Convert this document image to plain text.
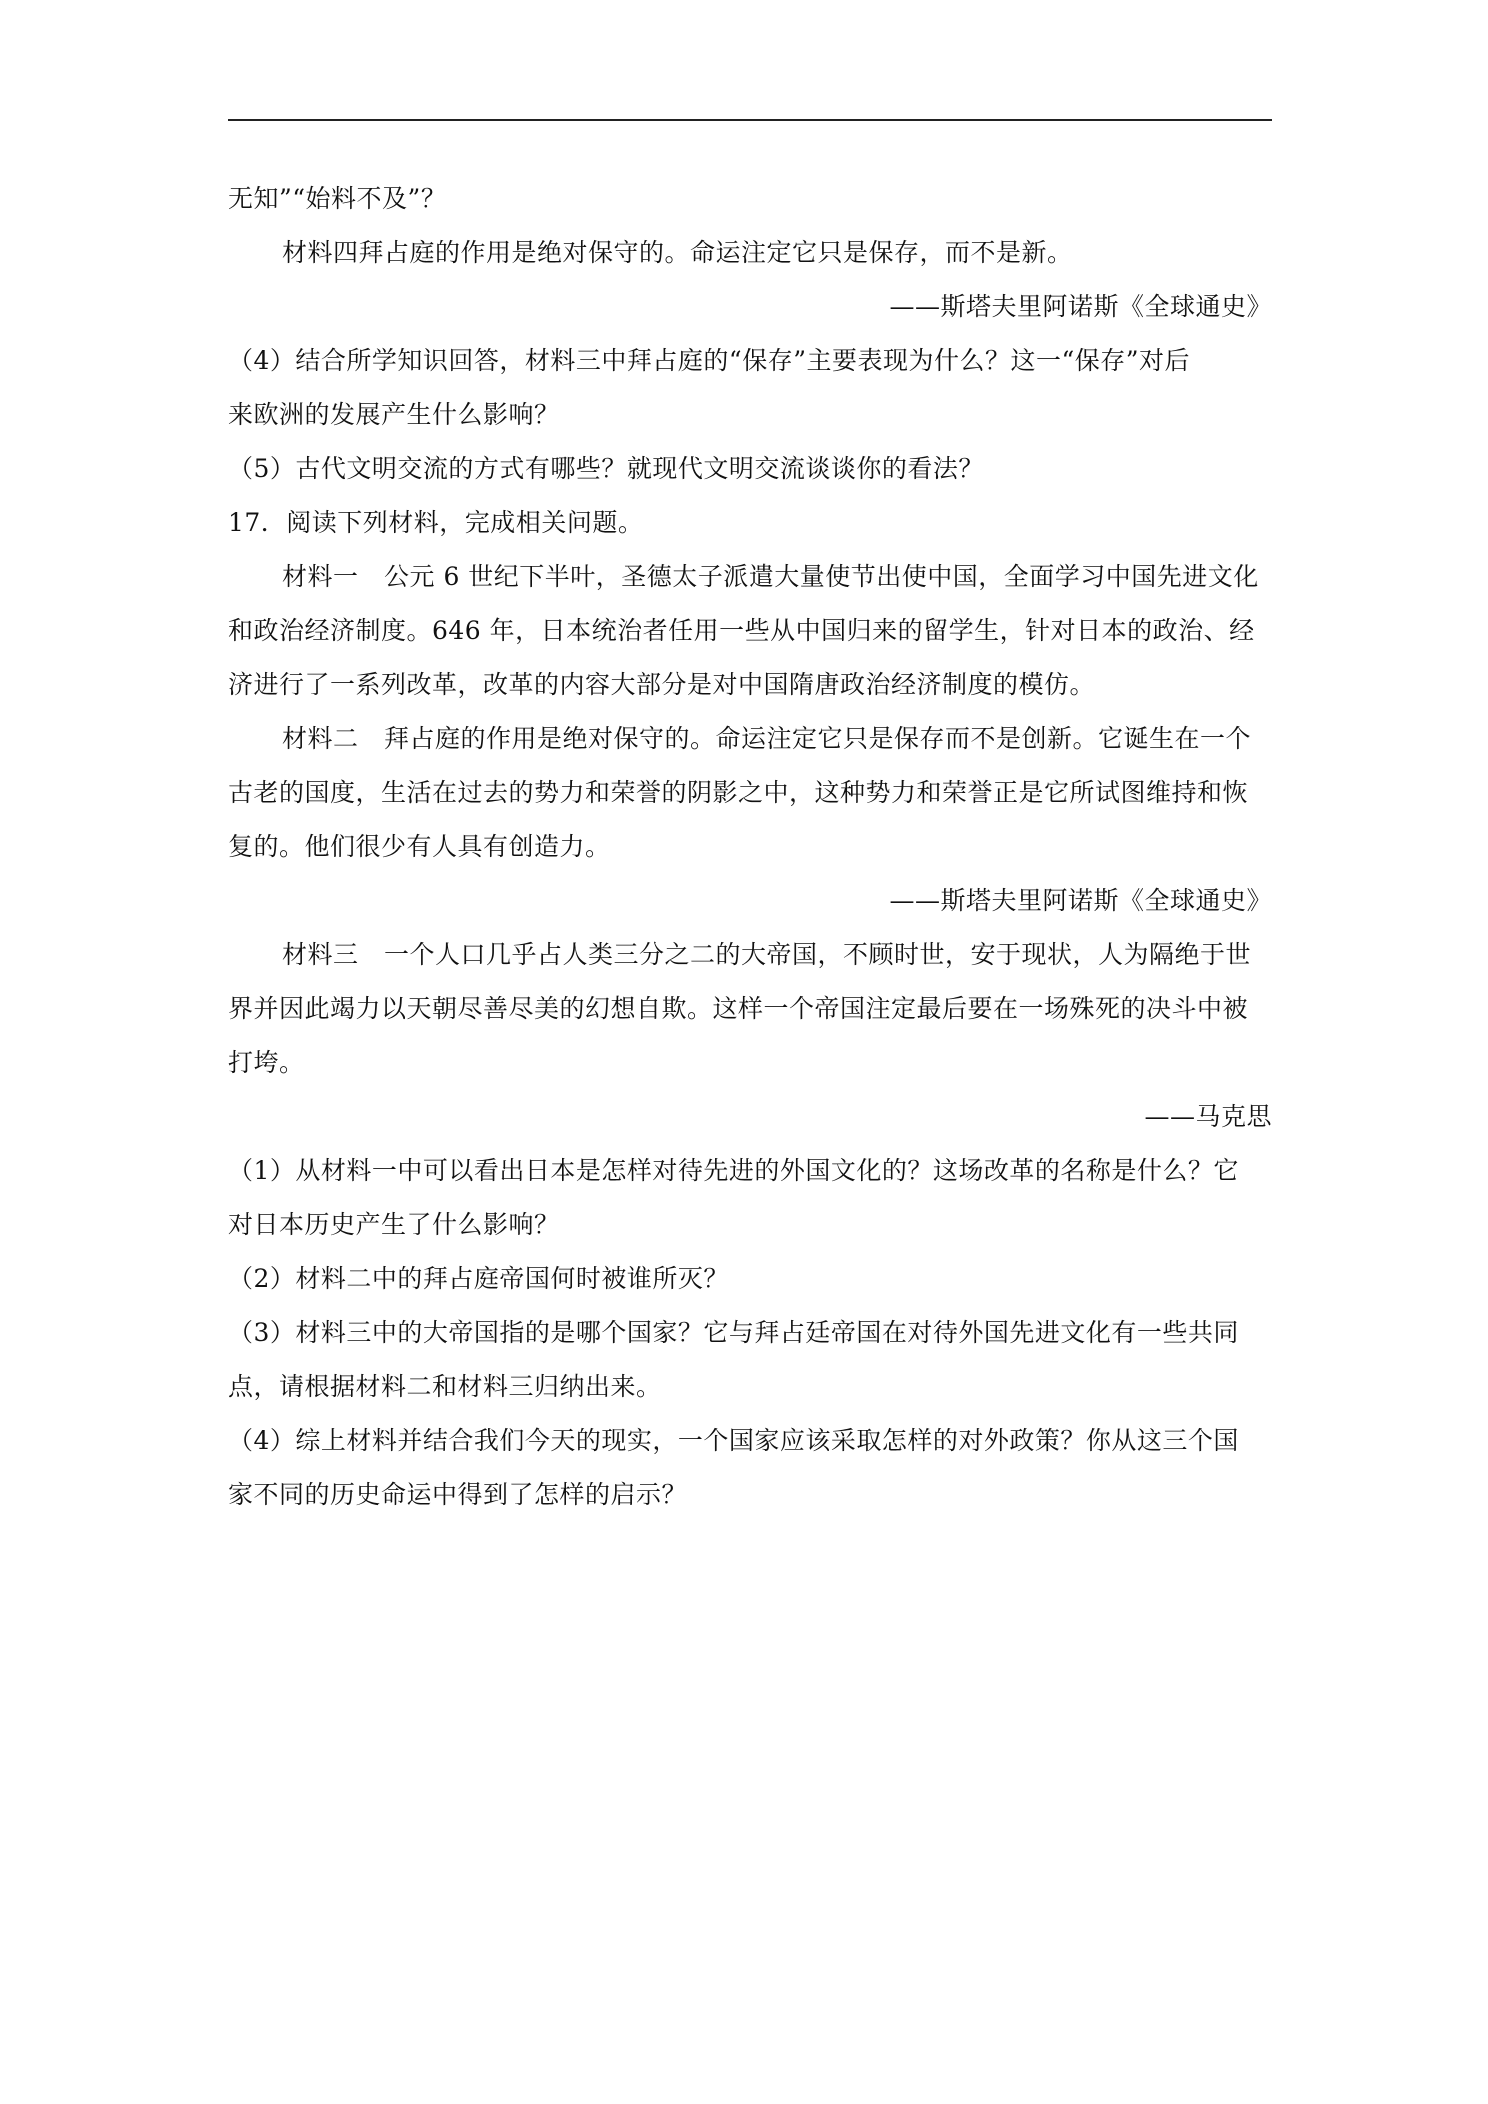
无知”“始料不及”？
材料四拜占庭的作用是绝对保守的。命运注定它只是保存，而不是新。
——斯塔夫里阿诺斯《全球通史》
（4）结合所学知识回答，材料三中拜占庭的“保存”主要表现为什么？这一“保存”对后
来欧洲的发展产生什么影响？
（5）古代文明交流的方式有哪些？就现代文明交流谈谈你的看法？
17．阅读下列材料，完成相关问题。
材料一　公元 6 世纪下半叶，圣德太子派遣大量使节出使中国，全面学习中国先进文化
和政治经济制度。646 年，日本统治者任用一些从中国归来的留学生，针对日本的政治、经
济进行了一系列改革，改革的内容大部分是对中国隋唐政治经济制度的模仿。
材料二　拜占庭的作用是绝对保守的。命运注定它只是保存而不是创新。它诞生在一个
古老的国度，生活在过去的势力和荣誉的阴影之中，这种势力和荣誉正是它所试图维持和恢
复的。他们很少有人具有创造力。
——斯塔夫里阿诺斯《全球通史》
材料三　一个人口几乎占人类三分之二的大帝国，不顾时世，安于现状，人为隔绝于世
界并因此竭力以天朝尽善尽美的幻想自欺。这样一个帝国注定最后要在一场殊死的决斗中被
打垮。
——马克思
（1）从材料一中可以看出日本是怎样对待先进的外国文化的？这场改革的名称是什么？它
对日本历史产生了什么影响？
（2）材料二中的拜占庭帝国何时被谁所灭？
（3）材料三中的大帝国指的是哪个国家？它与拜占廷帝国在对待外国先进文化有一些共同
点，请根据材料二和材料三归纳出来。
（4）综上材料并结合我们今天的现实，一个国家应该采取怎样的对外政策？你从这三个国
家不同的历史命运中得到了怎样的启示？
